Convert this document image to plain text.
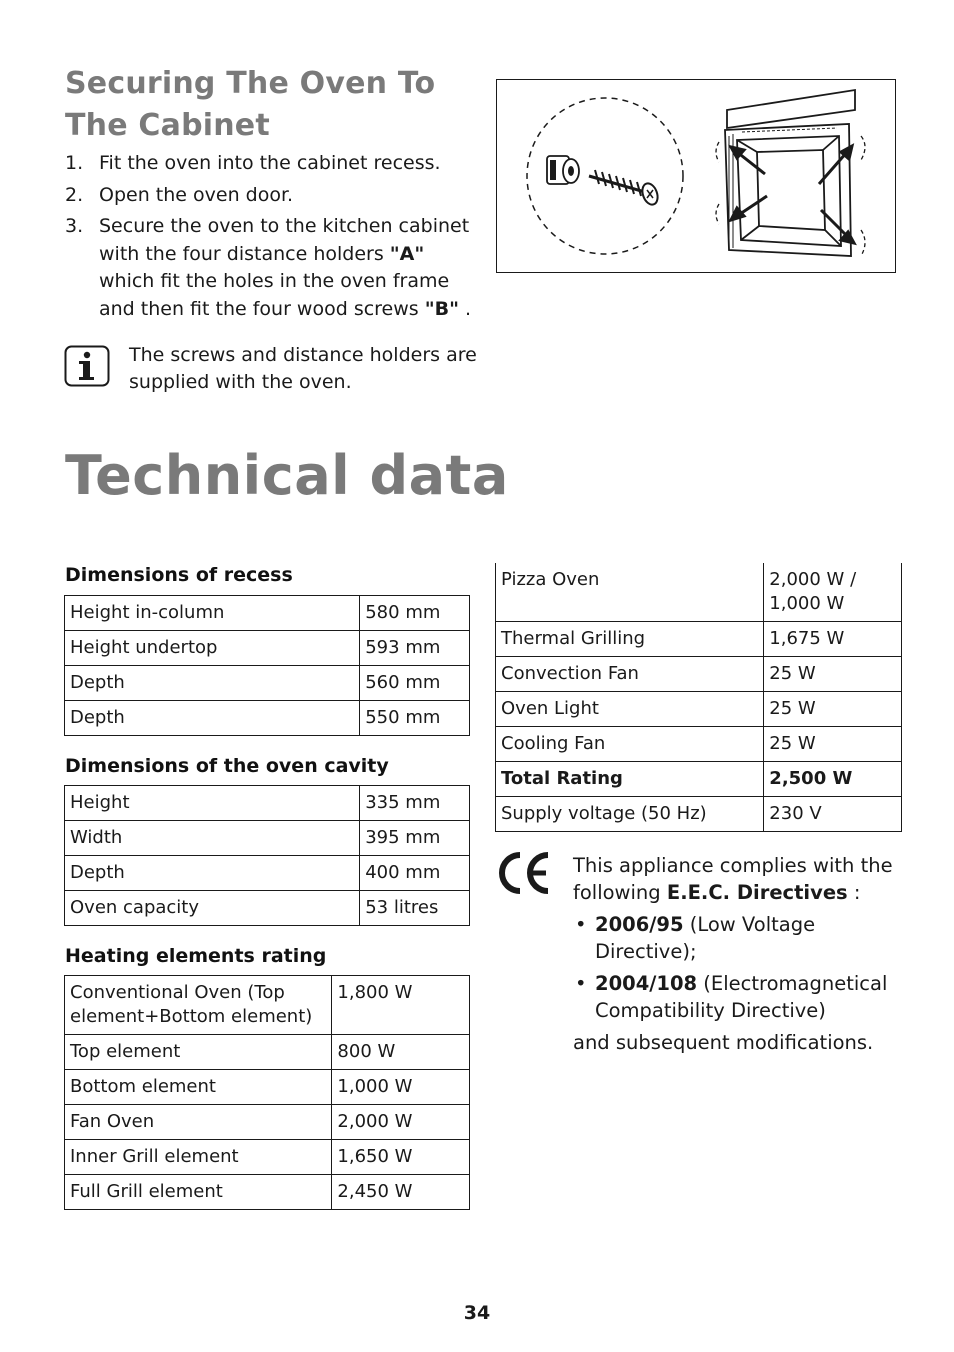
Securing The Oven To
The Cabinet
1. Fit the oven into the cabinet recess.
2. Open the oven door.
3. Secure the oven to the kitchen cabinet with the four distance holders "A" which fit the holes in the oven frame and then fit the four wood screws "B" .
The screws and distance holders are supplied with the oven.
Technical data
Dimensions of recess
Height in-column	580 mm
Height undertop	593 mm
Depth	560 mm
Depth	550 mm
Dimensions of the oven cavity
Height	335 mm
Width	395 mm
Depth	400 mm
Oven capacity	53 litres
Heating elements rating
Conventional Oven (Top element+Bottom element)	1,800 W
Top element	800 W
Bottom element	1,000 W
Fan Oven	2,000 W
Inner Grill element	1,650 W
Full Grill element	2,450 W
Pizza Oven	2,000 W / 1,000 W
Thermal Grilling	1,675 W
Convection Fan	25 W
Oven Light	25 W
Cooling Fan	25 W
Total Rating	2,500 W
Supply voltage (50 Hz)	230 V
This appliance complies with the following E.E.C. Directives :
• 2006/95 (Low Voltage Directive);
• 2004/108 (Electromagnetical Compatibility Directive)
and subsequent modifications.
34
